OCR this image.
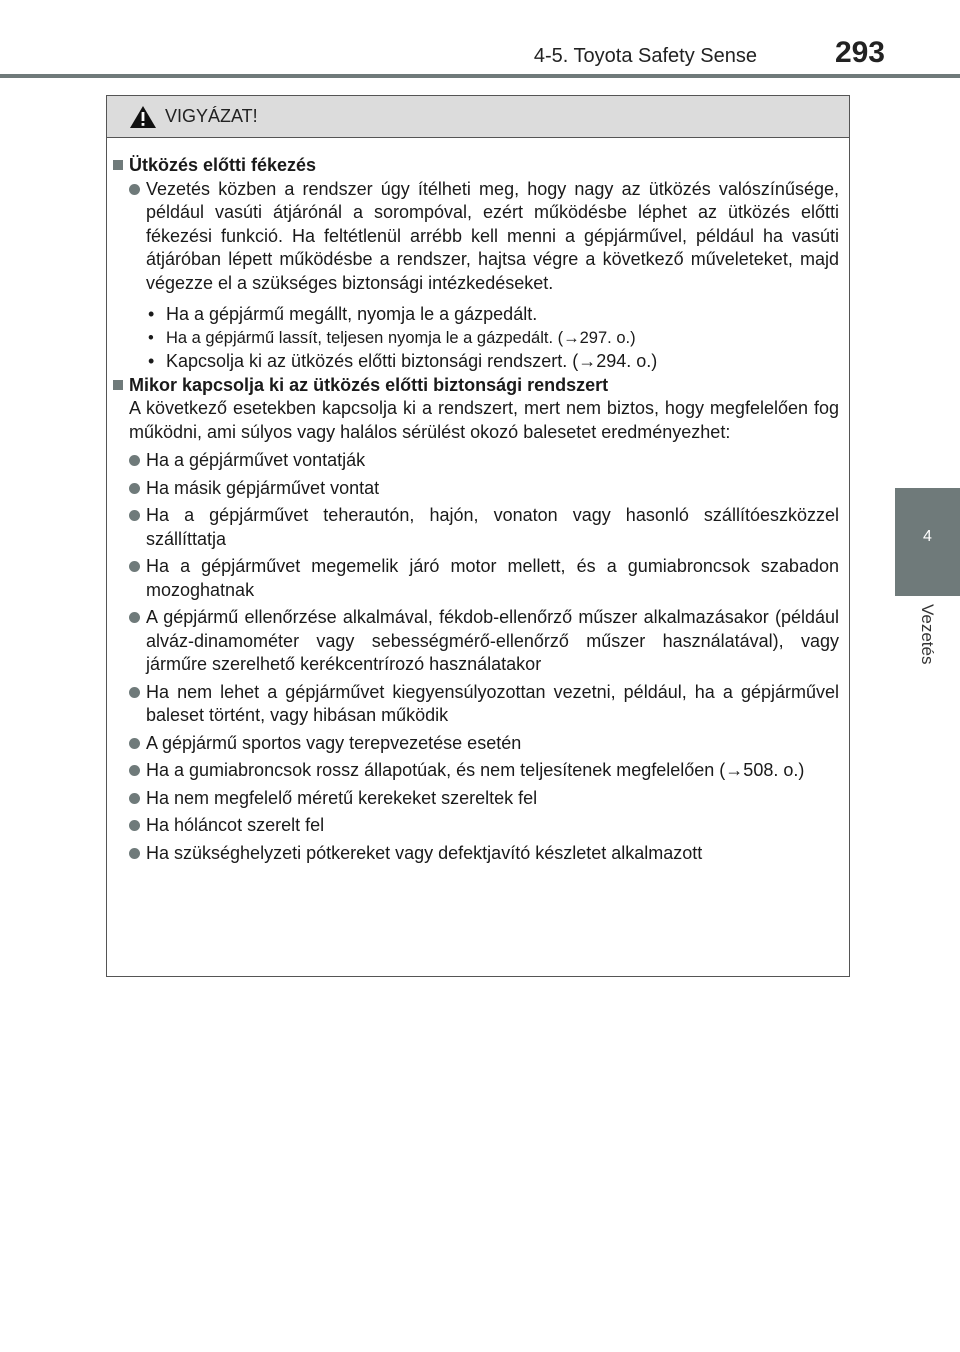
4-5. Toyota Safety Sense	293
4
Vezetés
VIGYÁZAT!
Ütközés előtti fékezés
Vezetés közben a rendszer úgy ítélheti meg, hogy nagy az ütközés valószínűsége, például vasúti átjárónál a sorompóval, ezért működésbe léphet az ütközés előtti fékezési funkció. Ha feltétlenül arrébb kell menni a gépjárművel, például ha vasúti átjáróban lépett működésbe a rendszer, hajtsa végre a következő műveleteket, majd végezze el a szükséges biztonsági intézkedéseket.
• Ha a gépjármű megállt, nyomja le a gázpedált.
• Ha a gépjármű lassít, teljesen nyomja le a gázpedált. (→297. o.)
• Kapcsolja ki az ütközés előtti biztonsági rendszert. (→294. o.)
Mikor kapcsolja ki az ütközés előtti biztonsági rendszert
A következő esetekben kapcsolja ki a rendszert, mert nem biztos, hogy megfelelően fog működni, ami súlyos vagy halálos sérülést okozó balesetet eredményezhet:
Ha a gépjárművet vontatják
Ha másik gépjárművet vontat
Ha a gépjárművet teherautón, hajón, vonaton vagy hasonló szállítóeszközzel szállíttatja
Ha a gépjárművet megemelik járó motor mellett, és a gumiabroncsok szabadon mozoghatnak
A gépjármű ellenőrzése alkalmával, fékdob-ellenőrző műszer alkalmazásakor (például alváz-dinamométer vagy sebességmérő-ellenőrző műszer használatával), vagy járműre szerelhető kerékcentrírozó használatakor
Ha nem lehet a gépjárművet kiegyensúlyozottan vezetni, például, ha a gépjárművel baleset történt, vagy hibásan működik
A gépjármű sportos vagy terepvezetése esetén
Ha a gumiabroncsok rossz állapotúak, és nem teljesítenek megfelelően (→508. o.)
Ha nem megfelelő méretű kerekeket szereltek fel
Ha hóláncot szerelt fel
Ha szükséghelyzeti pótkereket vagy defektjavító készletet alkalmazott
